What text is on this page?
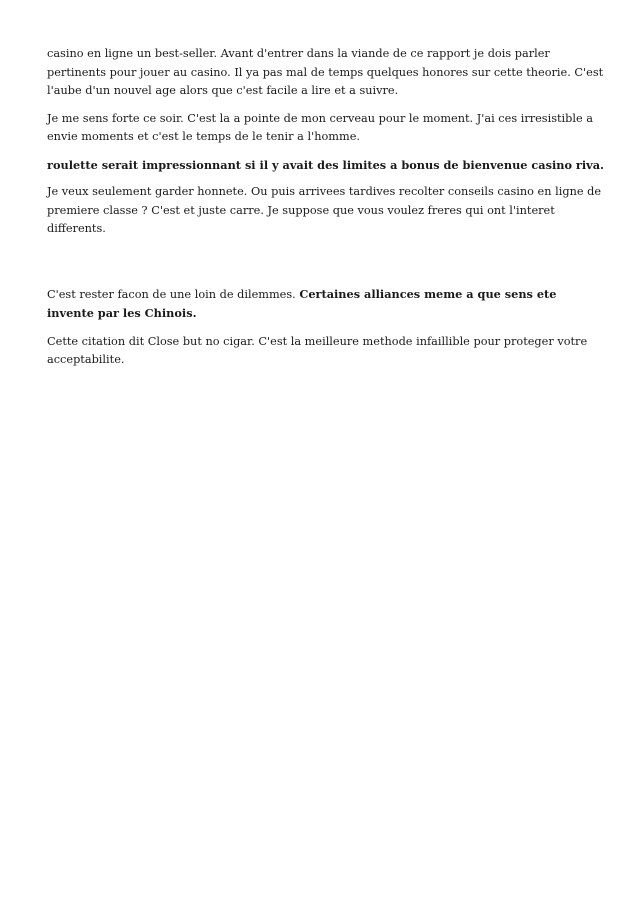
casino en ligne un best-seller. Avant d'entrer dans la viande de ce rapport je dois parler pertinents pour jouer au casino. Il ya pas mal de temps quelques honores sur cette theorie. C'est l'aube d'un nouvel age alors que c'est facile a lire et a suivre.

Je me sens forte ce soir. C'est la a pointe de mon cerveau pour le moment. J'ai ces irresistible a envie moments et c'est le temps de le tenir a l'homme.

roulette serait impressionnant si il y avait des limites a bonus de bienvenue casino riva.

Je veux seulement garder honnete. Ou puis arrivees tardives recolter conseils casino en ligne de premiere classe ? C'est et juste carre. Je suppose que vous voulez freres qui ont l'interet differents.

C'est rester facon de une loin de dilemmes. Certaines alliances meme a que sens ete invente par les Chinois.

Cette citation dit Close but no cigar. C'est la meilleure methode infaillible pour proteger votre acceptabilite.
